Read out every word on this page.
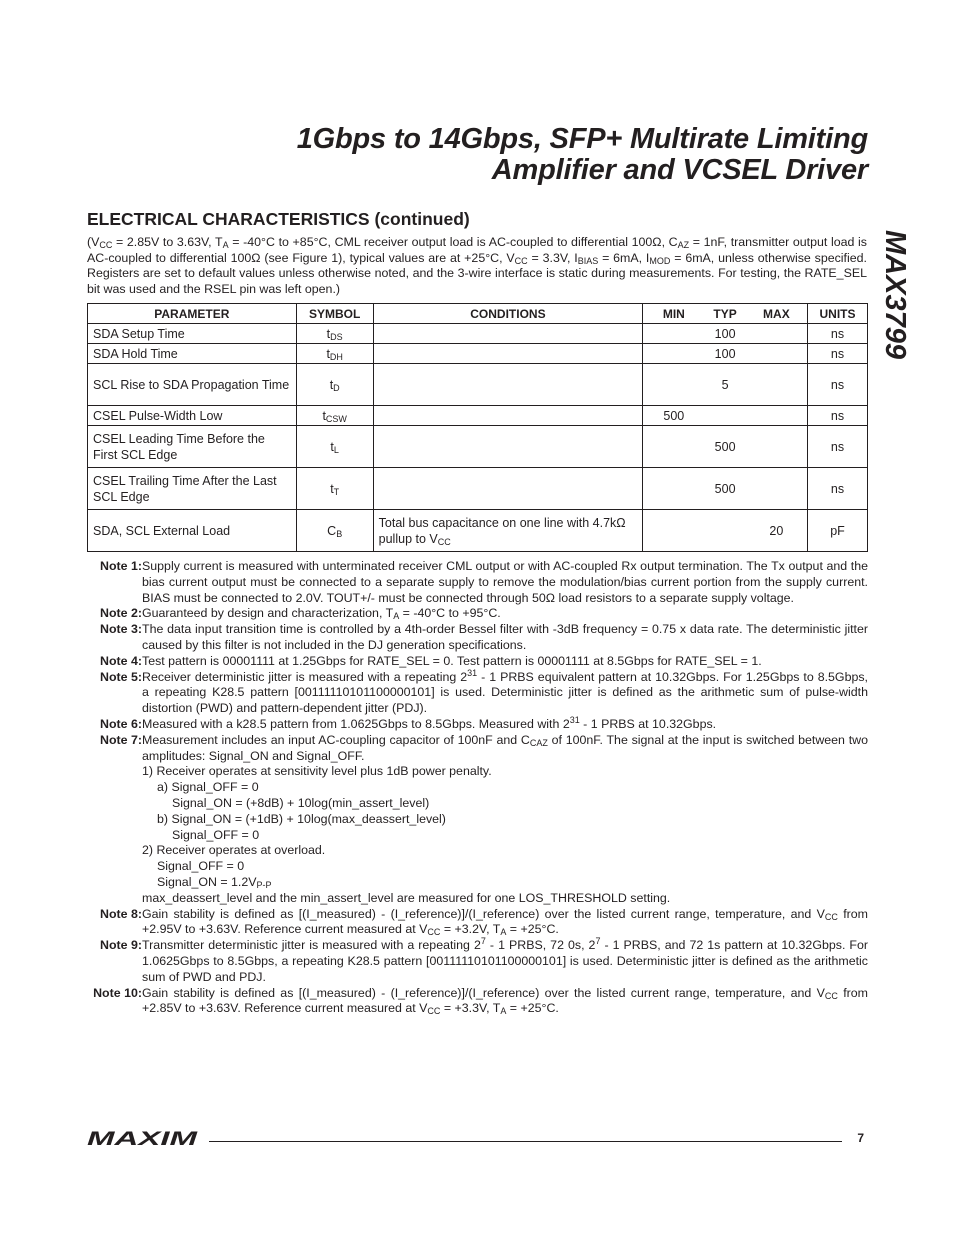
1Gbps to 14Gbps, SFP+ Multirate Limiting
Amplifier and VCSEL Driver
MAX3799
ELECTRICAL CHARACTERISTICS (continued)
($V_{CC} = 2.85V$ to 3.63V, $T_A = -40^\circ C$ to +85°C, CML receiver output load is AC-coupled to differential 100Ω, $C_{AZ} = 1nF$, transmitter output load is AC-coupled to differential 100Ω (see Figure 1), typical values are at +25°C, $V_{CC} = 3.3V$, $I_{BIAS} = 6mA$, $I_{MOD} = 6mA$, unless otherwise specified. Registers are set to default values unless otherwise noted, and the 3-wire interface is static during measurements. For testing, the RATE_SEL bit was used and the RSEL pin was left open.)
PARAMETER	SYMBOL	CONDITIONS	MIN TYP MAX	UNITS
SDA Setup Time	$t_{DS}$		100	ns
SDA Hold Time	$t_{DH}$		100	ns
SCL Rise to SDA Propagation Time	$t_D$		5	ns
CSEL Pulse-Width Low	$t_{CSW}$		500	ns
CSEL Leading Time Before the First SCL Edge	$t_L$		500	ns
CSEL Trailing Time After the Last SCL Edge	$t_T$		500	ns
SDA, SCL External Load	$C_B$	Total bus capacitance on one line with 4.7kΩ pullup to $V_{CC}$	20	pF
Note 1: Supply current is measured with unterminated receiver CML output or with AC-coupled Rx output termination. The Tx output and the bias current output must be connected to a separate supply to remove the modulation/bias current portion from the supply current. BIAS must be connected to 2.0V. TOUT+/- must be connected through 50Ω load resistors to a separate supply voltage.
Note 2: Guaranteed by design and characterization, $T_A = -40^\circ C$ to +95°C.
Note 3: The data input transition time is controlled by a 4th-order Bessel filter with -3dB frequency = 0.75 x data rate. The deterministic jitter caused by this filter is not included in the DJ generation specifications.
Note 4: Test pattern is 00001111 at 1.25Gbps for RATE_SEL = 0. Test pattern is 00001111 at 8.5Gbps for RATE_SEL = 1.
Note 5: Receiver deterministic jitter is measured with a repeating $2^{31} - 1$ PRBS equivalent pattern at 10.32Gbps. For 1.25Gbps to 8.5Gbps, a repeating K28.5 pattern [00111110101100000101] is used. Deterministic jitter is defined as the arithmetic sum of pulse-width distortion (PWD) and pattern-dependent jitter (PDJ).
Note 6: Measured with a k28.5 pattern from 1.0625Gbps to 8.5Gbps. Measured with $2^{31} - 1$ PRBS at 10.32Gbps.
Note 7: Measurement includes an input AC-coupling capacitor of 100nF and $C_{CAZ}$ of 100nF. The signal at the input is switched between two amplitudes: Signal_ON and Signal_OFF.
1) Receiver operates at sensitivity level plus 1dB power penalty.
a) Signal_OFF = 0
Signal_ON = (+8dB) + 10log(min_assert_level)
b) Signal_ON = (+1dB) + 10log(max_deassert_level)
Signal_OFF = 0
2) Receiver operates at overload.
Signal_OFF = 0
Signal_ON = $1.2V_{P-P}$
max_deassert_level and the min_assert_level are measured for one LOS_THRESHOLD setting.
Note 8: Gain stability is defined as [(I_measured) - (I_reference)]/(I_reference) over the listed current range, temperature, and $V_{CC}$ from +2.95V to +3.63V. Reference current measured at $V_{CC} = +3.2V$, $T_A = +25^\circ C$.
Note 9: Transmitter deterministic jitter is measured with a repeating $2^7 - 1$ PRBS, 72 0s, $2^7 - 1$ PRBS, and 72 1s pattern at 10.32Gbps. For 1.0625Gbps to 8.5Gbps, a repeating K28.5 pattern [00111110101100000101] is used. Deterministic jitter is defined as the arithmetic sum of PWD and PDJ.
Note 10: Gain stability is defined as [(I_measured) - (I_reference)]/(I_reference) over the listed current range, temperature, and $V_{CC}$ from +2.85V to +3.63V. Reference current measured at $V_{CC} = +3.3V$, $T_A = +25^\circ C$.
MAXIM	7
